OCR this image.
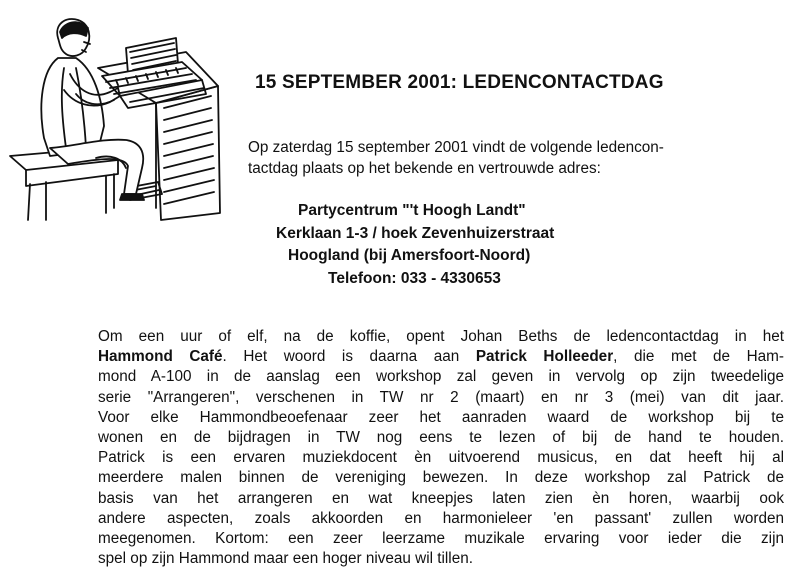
15 SEPTEMBER 2001: LEDENCONTACTDAG

Op zaterdag 15 september 2001 vindt de volgende ledencon-
tactdag plaats op het bekende en vertrouwde adres:

Partycentrum "'t Hoogh Landt"
Kerklaan 1-3 / hoek Zevenhuizerstraat
Hoogland (bij Amersfoort-Noord)
Telefoon: 033 - 4330653
Om een uur of elf, na de koffie, opent Johan Beths de ledencontactdag in het
Hammond Café. Het woord is daarna aan Patrick Holleeder, die met de Ham-
mond A-100 in de aanslag een workshop zal geven in vervolg op zijn tweedelige
serie "Arrangeren", verschenen in TW nr 2 (maart) en nr 3 (mei) van dit jaar.
Voor elke Hammondbeoefenaar zeer het aanraden waard de workshop bij te
wonen en de bijdragen in TW nog eens te lezen of bij de hand te houden.
Patrick is een ervaren muziekdocent èn uitvoerend musicus, en dat heeft hij al
meerdere malen binnen de vereniging bewezen. In deze workshop zal Patrick de
basis van het arrangeren en wat kneepjes laten zien èn horen, waarbij ook
andere aspecten, zoals akkoorden en harmonieleer 'en passant' zullen worden
meegenomen. Kortom: een zeer leerzame muzikale ervaring voor ieder die zijn
spel op zijn Hammond maar een hoger niveau wil tillen.
